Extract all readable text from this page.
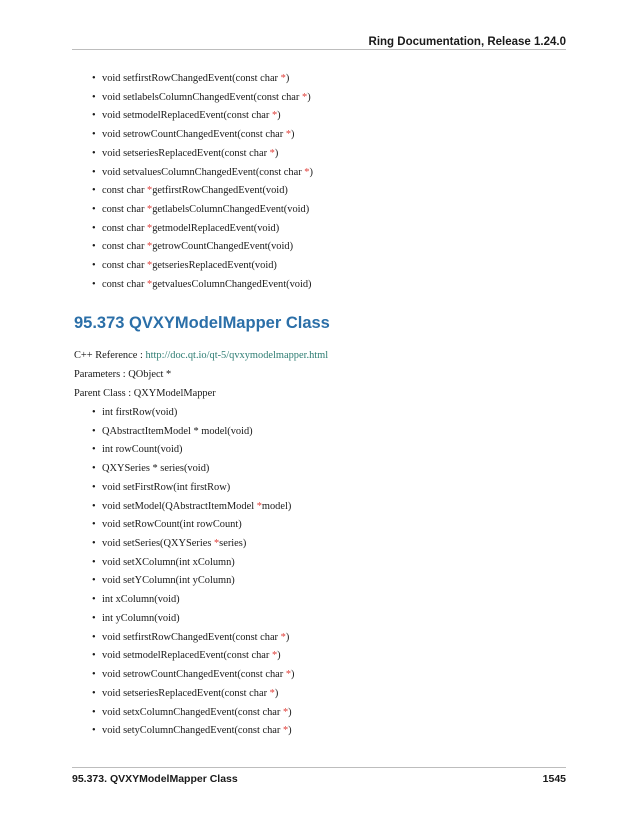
Ring Documentation, Release 1.24.0
• void setfirstRowChangedEvent(const char *)
• void setlabelsColumnChangedEvent(const char *)
• void setmodelReplacedEvent(const char *)
• void setrowCountChangedEvent(const char *)
• void setseriesReplacedEvent(const char *)
• void setvaluesColumnChangedEvent(const char *)
• const char *getfirstRowChangedEvent(void)
• const char *getlabelsColumnChangedEvent(void)
• const char *getmodelReplacedEvent(void)
• const char *getrowCountChangedEvent(void)
• const char *getseriesReplacedEvent(void)
• const char *getvaluesColumnChangedEvent(void)
95.373 QVXYModelMapper Class
C++ Reference : http://doc.qt.io/qt-5/qvxymodelmapper.html
Parameters : QObject *
Parent Class : QXYModelMapper
• int firstRow(void)
• QAbstractItemModel * model(void)
• int rowCount(void)
• QXYSeries * series(void)
• void setFirstRow(int firstRow)
• void setModel(QAbstractItemModel *model)
• void setRowCount(int rowCount)
• void setSeries(QXYSeries *series)
• void setXColumn(int xColumn)
• void setYColumn(int yColumn)
• int xColumn(void)
• int yColumn(void)
• void setfirstRowChangedEvent(const char *)
• void setmodelReplacedEvent(const char *)
• void setrowCountChangedEvent(const char *)
• void setseriesReplacedEvent(const char *)
• void setxColumnChangedEvent(const char *)
• void setyColumnChangedEvent(const char *)
95.373. QVXYModelMapper Class	1545
